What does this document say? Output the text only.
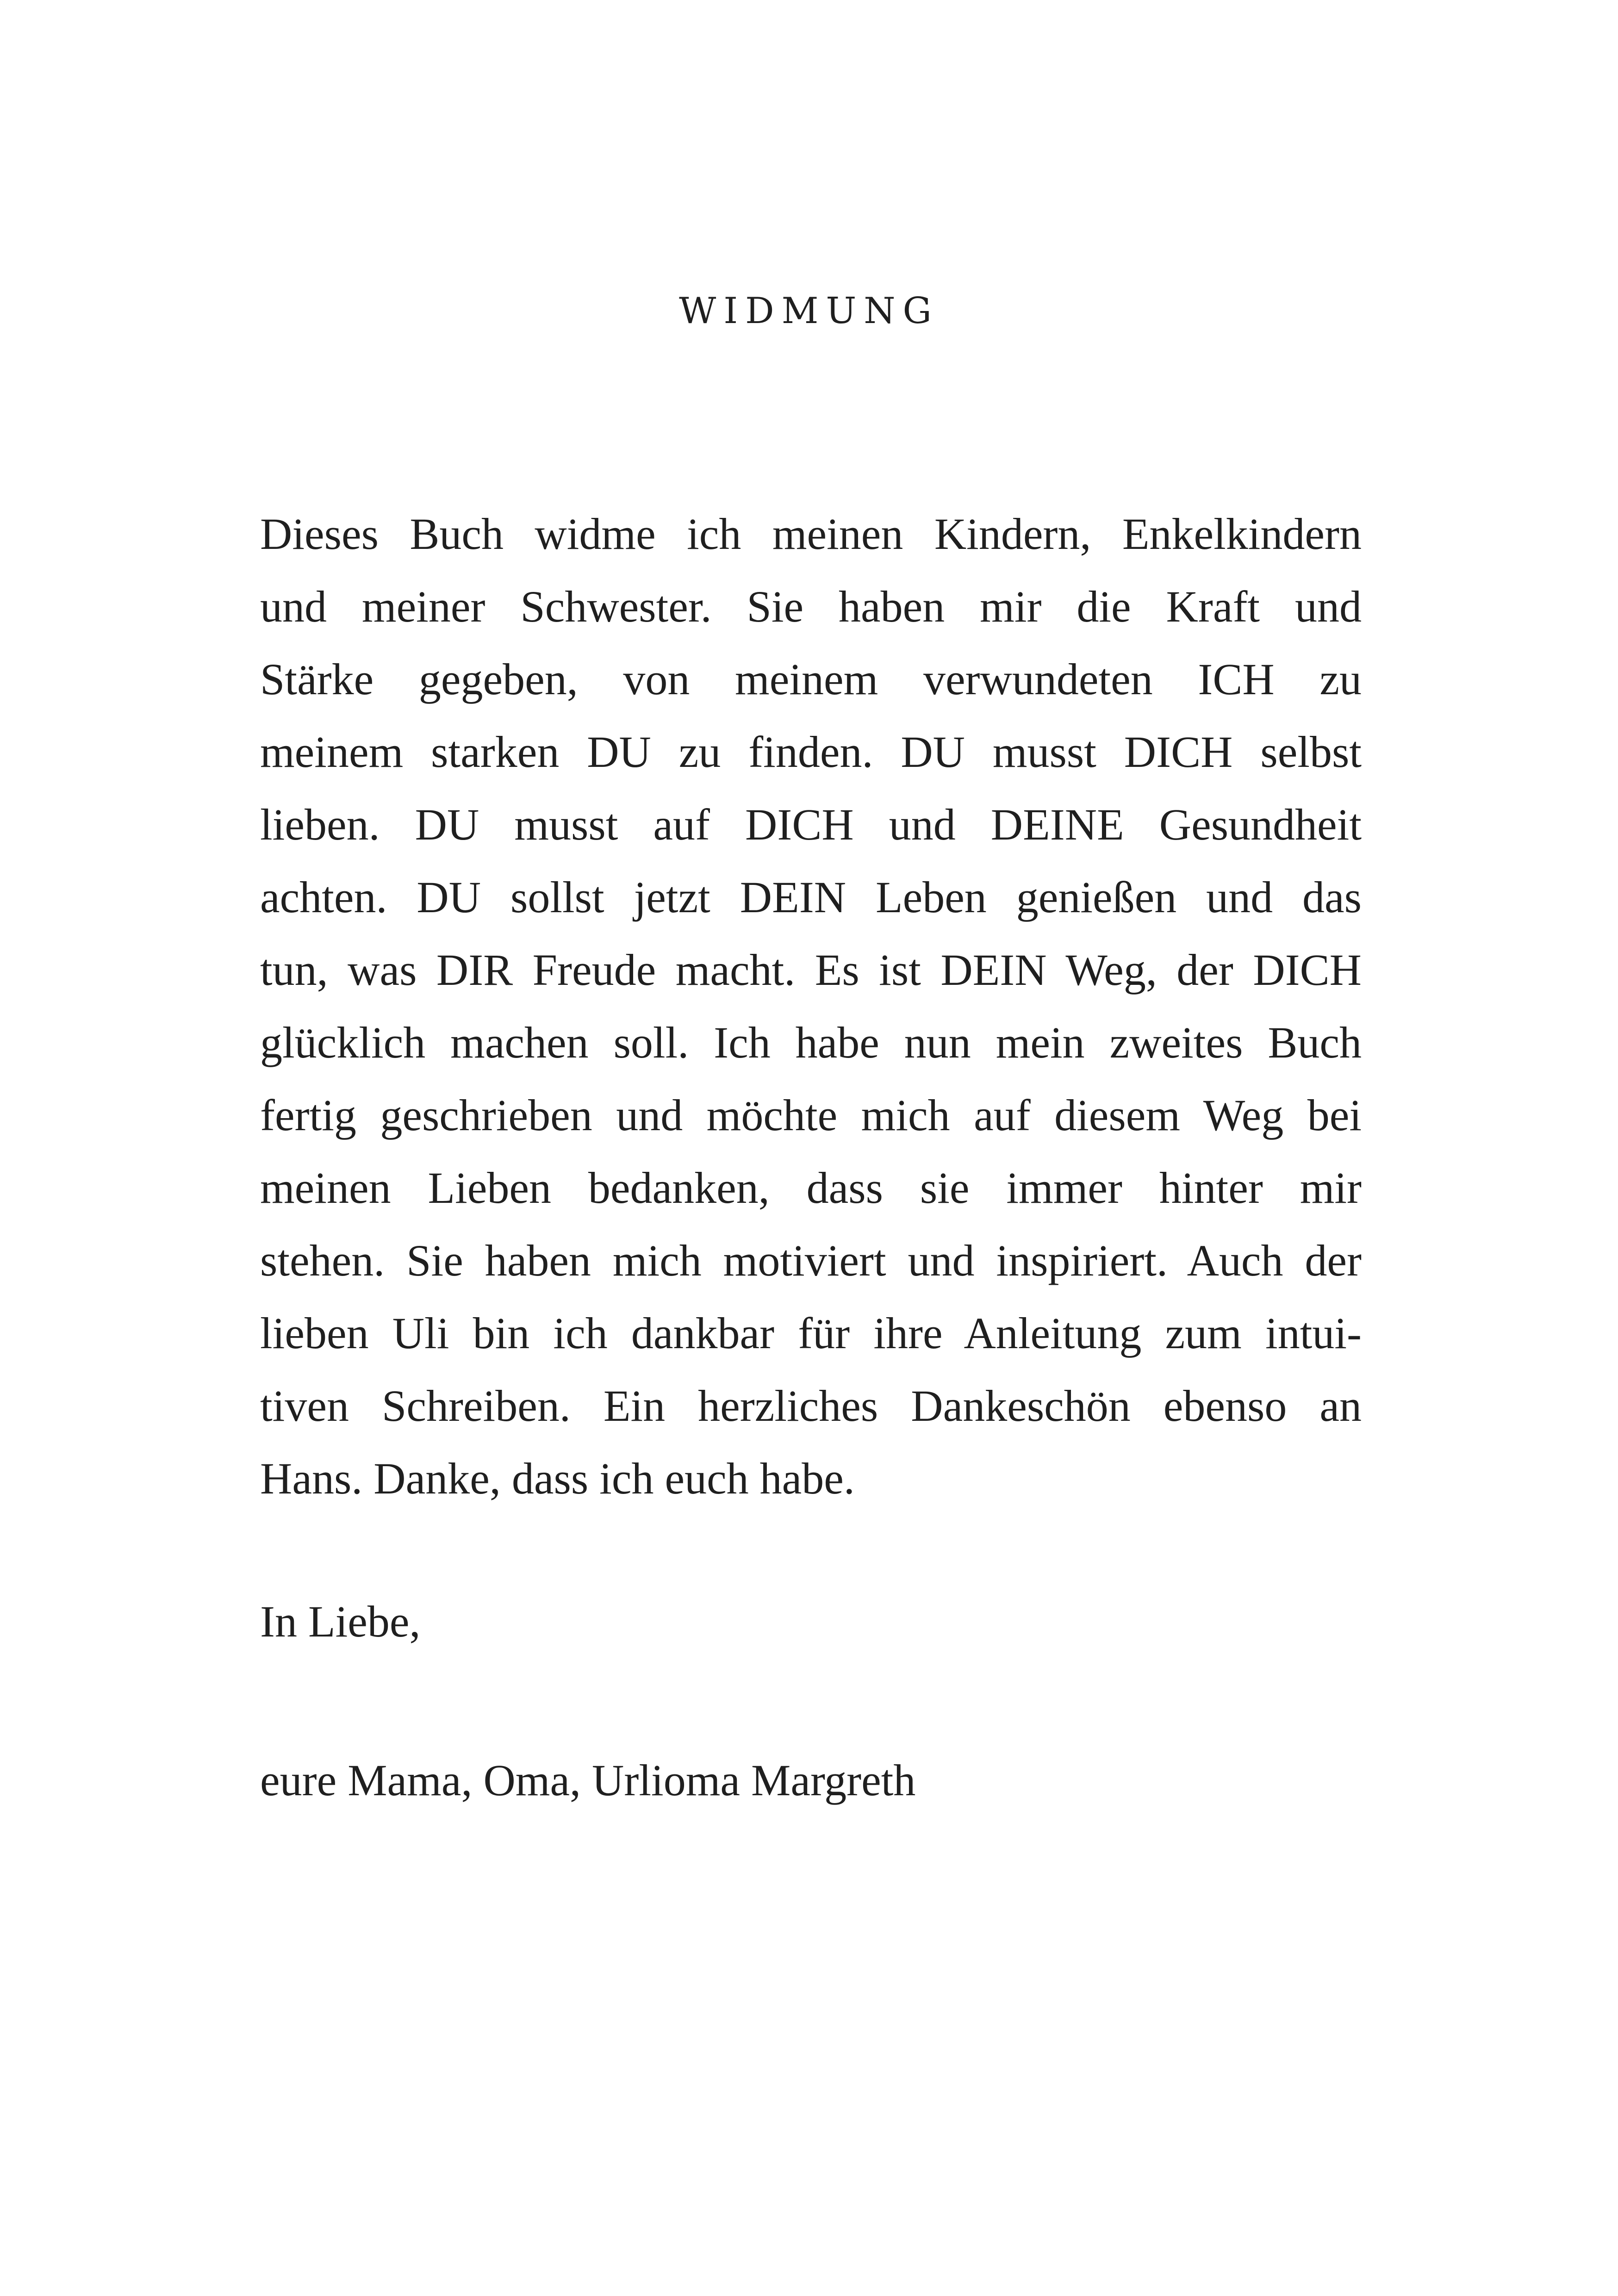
WIDMUNG
Dieses Buch widme ich meinen Kindern, Enkelkindern
und meiner Schwester. Sie haben mir die Kraft und
Stärke gegeben, von meinem verwundeten ICH zu
meinem starken DU zu finden. DU musst DICH selbst
lieben. DU musst auf DICH und DEINE Gesundheit
achten. DU sollst jetzt DEIN Leben genießen und das
tun, was DIR Freude macht. Es ist DEIN Weg, der DICH
glücklich machen soll. Ich habe nun mein zweites Buch
fertig geschrieben und möchte mich auf diesem Weg bei
meinen Lieben bedanken, dass sie immer hinter mir
stehen. Sie haben mich motiviert und inspiriert. Auch der
lieben Uli bin ich dankbar für ihre Anleitung zum intui-
tiven Schreiben. Ein herzliches Dankeschön ebenso an
Hans. Danke, dass ich euch habe.

In Liebe,

eure Mama, Oma, Urlioma Margreth
